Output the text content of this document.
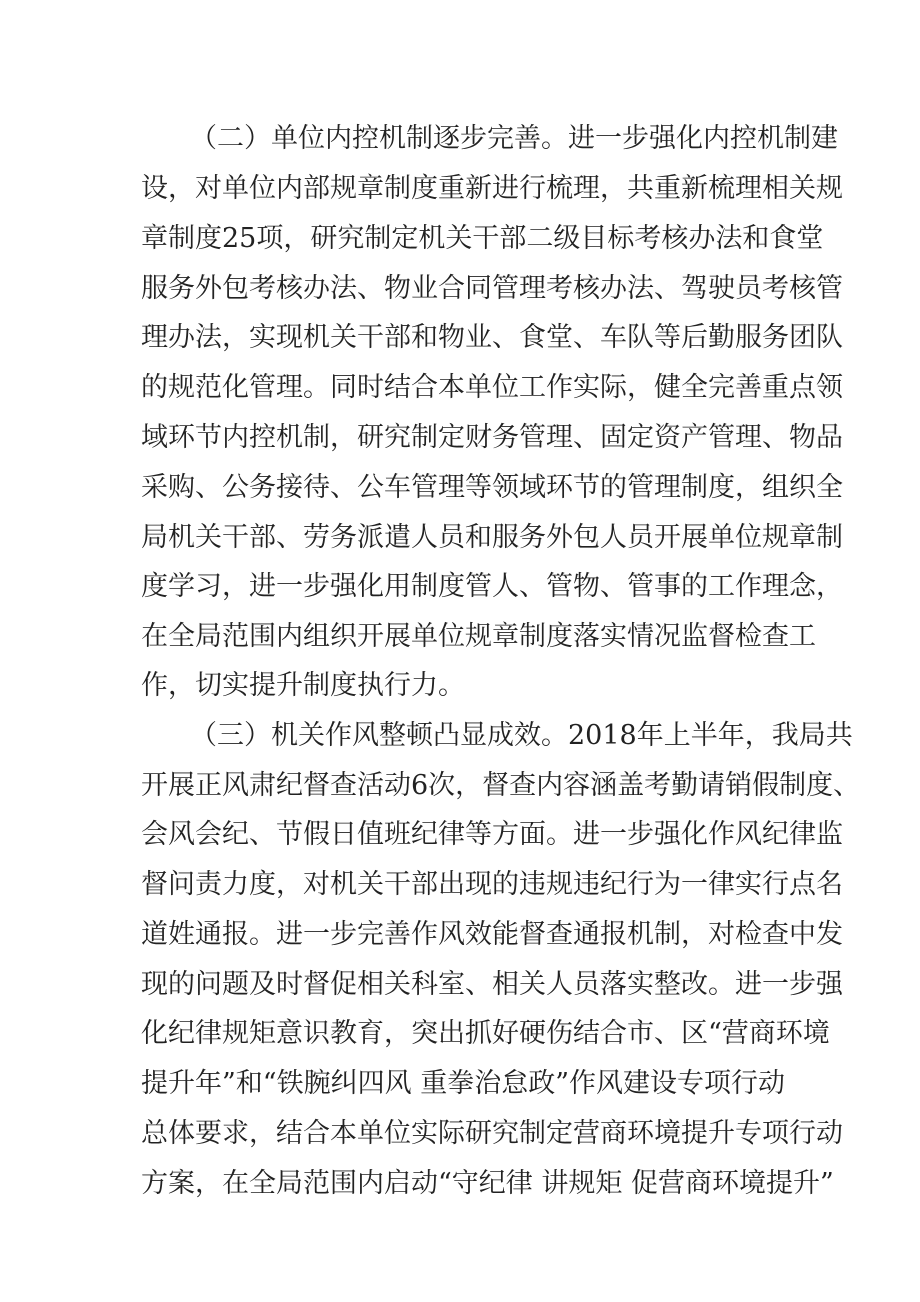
（二）单位内控机制逐步完善。进一步强化内控机制建
设，对单位内部规章制度重新进行梳理，共重新梳理相关规
章制度25项，研究制定机关干部二级目标考核办法和食堂
服务外包考核办法、物业合同管理考核办法、驾驶员考核管
理办法，实现机关干部和物业、食堂、车队等后勤服务团队
的规范化管理。同时结合本单位工作实际，健全完善重点领
域环节内控机制，研究制定财务管理、固定资产管理、物品
采购、公务接待、公车管理等领域环节的管理制度，组织全
局机关干部、劳务派遣人员和服务外包人员开展单位规章制
度学习，进一步强化用制度管人、管物、管事的工作理念，
在全局范围内组织开展单位规章制度落实情况监督检查工
作，切实提升制度执行力。
（三）机关作风整顿凸显成效。2018年上半年，我局共
开展正风肃纪督查活动6次，督查内容涵盖考勤请销假制度、
会风会纪、节假日值班纪律等方面。进一步强化作风纪律监
督问责力度，对机关干部出现的违规违纪行为一律实行点名
道姓通报。进一步完善作风效能督查通报机制，对检查中发
现的问题及时督促相关科室、相关人员落实整改。进一步强
化纪律规矩意识教育，突出抓好硬伤结合市、区“营商环境
提升年”和“铁腕纠四风 重拳治怠政”作风建设专项行动
总体要求，结合本单位实际研究制定营商环境提升专项行动
方案，在全局范围内启动“守纪律 讲规矩 促营商环境提升”
